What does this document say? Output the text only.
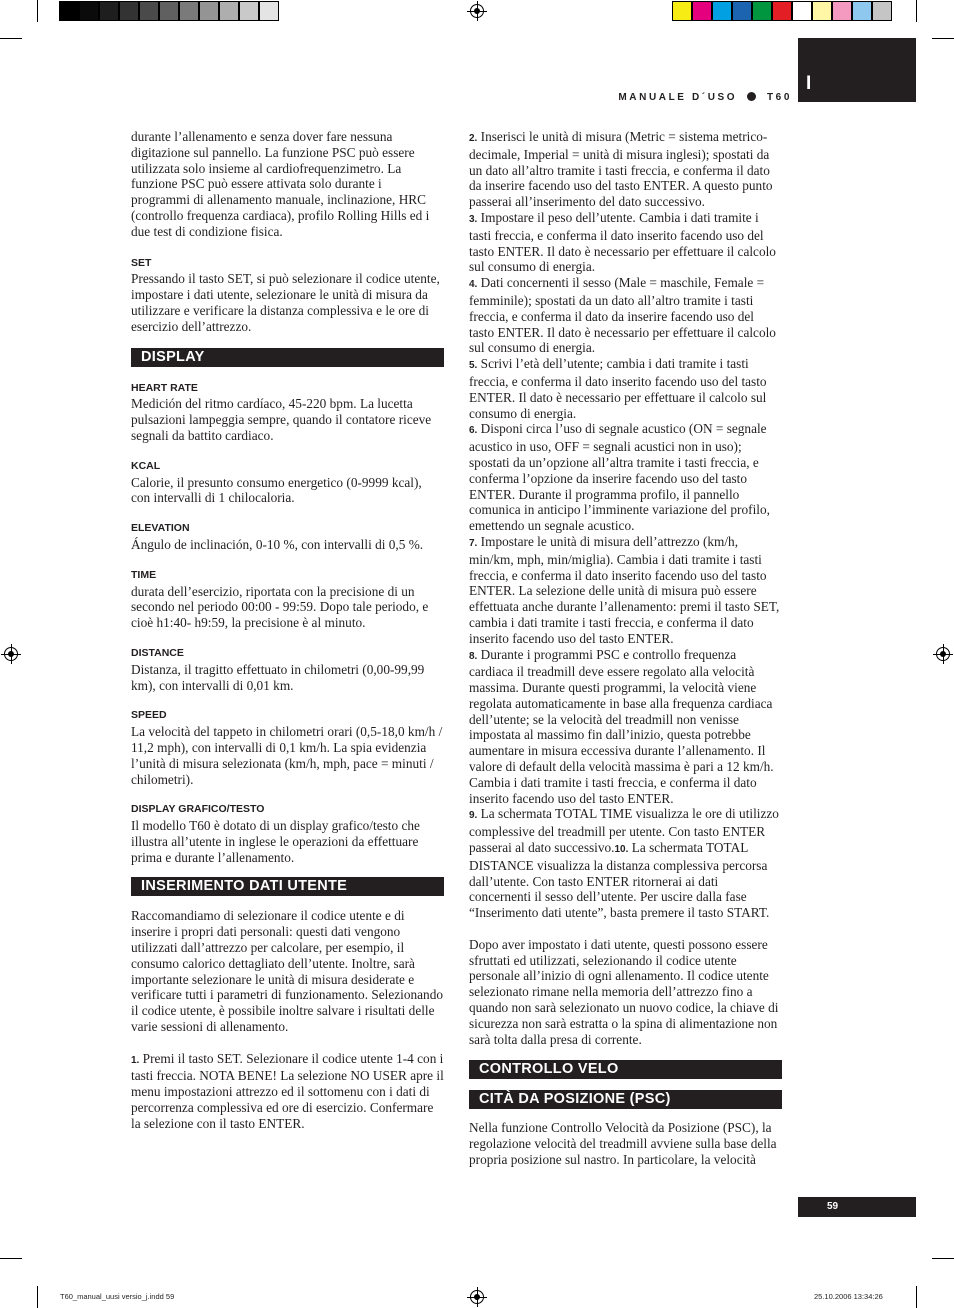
I
MANUALE D´USO	T60

durante l’allenamento e senza dover fare nessuna digitazione sul pannello. La funzione PSC può essere utilizzata solo insieme al cardiofrequenzimetro. La funzione PSC può essere attivata solo durante i programmi di allenamento manuale, inclinazione, HRC (controllo frequenza cardiaca), profilo Rolling Hills ed i due test di condizione fisica.

SET

Pressando il tasto SET, si può selezionare il codice utente, impostare i dati utente, selezionare le unità di misura da utilizzare e verificare la distanza complessiva e le ore di esercizio dell’attrezzo.

DISPLAY
HEART RATE

Medición del ritmo cardíaco, 45-220 bpm. La lucetta pulsazioni lampeggia sempre, quando il contatore riceve segnali da battito cardiaco.

KCAL

Calorie, il presunto consumo energetico (0-9999 kcal), con intervalli di 1 chilocaloria.

ELEVATION

Ángulo de inclinación, 0-10 %, con intervalli di 0,5 %.

TIME

durata dell’esercizio, riportata con la precisione di un secondo nel periodo 00:00 - 99:59. Dopo tale periodo, e cioè h1:40- h9:59, la precisione è al minuto.

DISTANCE

Distanza, il tragitto effettuato in chilometri (0,00-99,99 km), con intervalli di 0,01 km.

SPEED

La velocità del tappeto in chilometri orari (0,5-18,0 km/h / 11,2 mph), con intervalli di 0,1 km/h. La spia evidenzia l’unità di misura selezionata (km/h, mph, pace = minuti / chilometri).

DISPLAY GRAFICO/TESTO

Il modello T60 è dotato di un display grafico/testo che illustra all’utente in inglese le operazioni da effettuare prima e durante l’allenamento.

INSERIMENTO DATI UTENTE

Raccomandiamo di selezionare il codice utente e di inserire i propri dati personali: questi dati vengono utilizzati dall’attrezzo per calcolare, per esempio, il consumo calorico dettagliato dell’utente. Inoltre, sarà importante selezionare le unità di misura desiderate e verificare tutti i parametri di funzionamento. Selezionando il codice utente, è possibile inoltre salvare i risultati delle varie sessioni di allenamento.

1. Premi il tasto SET. Selezionare il codice utente 1-4 con i tasti freccia. NOTA BENE! La selezione NO USER apre il menu impostazioni attrezzo ed il sottomenu con i dati di percorrenza complessiva ed ore di esercizio. Confermare la selezione con il tasto ENTER.

2. Inserisci le unità di misura (Metric = sistema metrico-decimale, Imperial = unità di misura inglesi); spostati da un dato all’altro tramite i tasti freccia, e conferma il dato da inserire facendo uso del tasto ENTER. A questo punto passerai all’inserimento del dato successivo.

3. Impostare il peso dell’utente. Cambia i dati tramite i tasti freccia, e conferma il dato inserito facendo uso del tasto ENTER. Il dato è necessario per effettuare il calcolo sul consumo di energia.

4. Dati concernenti il sesso (Male = maschile, Female = femminile); spostati da un dato all’altro tramite i tasti freccia, e conferma il dato da inserire facendo uso del tasto ENTER. Il dato è necessario per effettuare il calcolo sul consumo di energia.

5. Scrivi l’età dell’utente; cambia i dati tramite i tasti freccia, e conferma il dato inserito facendo uso del tasto ENTER. Il dato è necessario per effettuare il calcolo sul consumo di energia.

6. Disponi circa l’uso di segnale acustico (ON = segnale acustico in uso, OFF = segnali acustici non in uso); spostati da un’opzione all’altra tramite i tasti freccia, e conferma l’opzione da inserire facendo uso del tasto ENTER. Durante il programma profilo, il pannello comunica in anticipo l’imminente variazione del profilo, emettendo un segnale acustico.

7. Impostare le unità di misura dell’attrezzo (km/h, min/km, mph, min/miglia). Cambia i dati tramite i tasti freccia, e conferma il dato inserito facendo uso del tasto ENTER. La selezione delle unità di misura può essere effettuata anche durante l’allenamento: premi il tasto SET, cambia i dati tramite i tasti freccia, e conferma il dato inserito facendo uso del tasto ENTER.

8. Durante i programmi PSC e controllo frequenza cardiaca il treadmill deve essere regolato alla velocità massima. Durante questi programmi, la velocità viene regolata automaticamente in base alla frequenza cardiaca dell’utente; se la velocità del treadmill non venisse impostata al massimo fin dall’inizio, questa potrebbe aumentare in misura eccessiva durante l’allenamento. Il valore di default della velocità massima è pari a 12 km/h. Cambia i dati tramite i tasti freccia, e conferma il dato inserito facendo uso del tasto ENTER.

9. La schermata TOTAL TIME visualizza le ore di utilizzo complessive del treadmill per utente. Con tasto ENTER passerai al dato successivo.10. La schermata TOTAL DISTANCE visualizza la distanza complessiva percorsa dall’utente. Con tasto ENTER ritornerai ai dati concernenti il sesso dell’utente. Per uscire dalla fase “Inserimento dati utente”, basta premere il tasto START.

Dopo aver impostato i dati utente, questi possono essere sfruttati ed utilizzati, selezionando il codice utente personale all’inizio di ogni allenamento. Il codice utente selezionato rimane nella memoria dell’attrezzo fino a quando non sarà selezionato un nuovo codice, la chiave di sicurezza non sarà estratta o la spina di alimentazione non sarà tolta dalla presa di corrente.

CONTROLLO VELO
CITÀ DA POSIZIONE (PSC)

Nella funzione Controllo Velocità da Posizione (PSC), la regolazione velocità del treadmill avviene sulla base della propria posizione sul nastro. In particolare, la velocità

59
T60_manual_uusi versio_j.indd 59	25.10.2006 13:34:26
